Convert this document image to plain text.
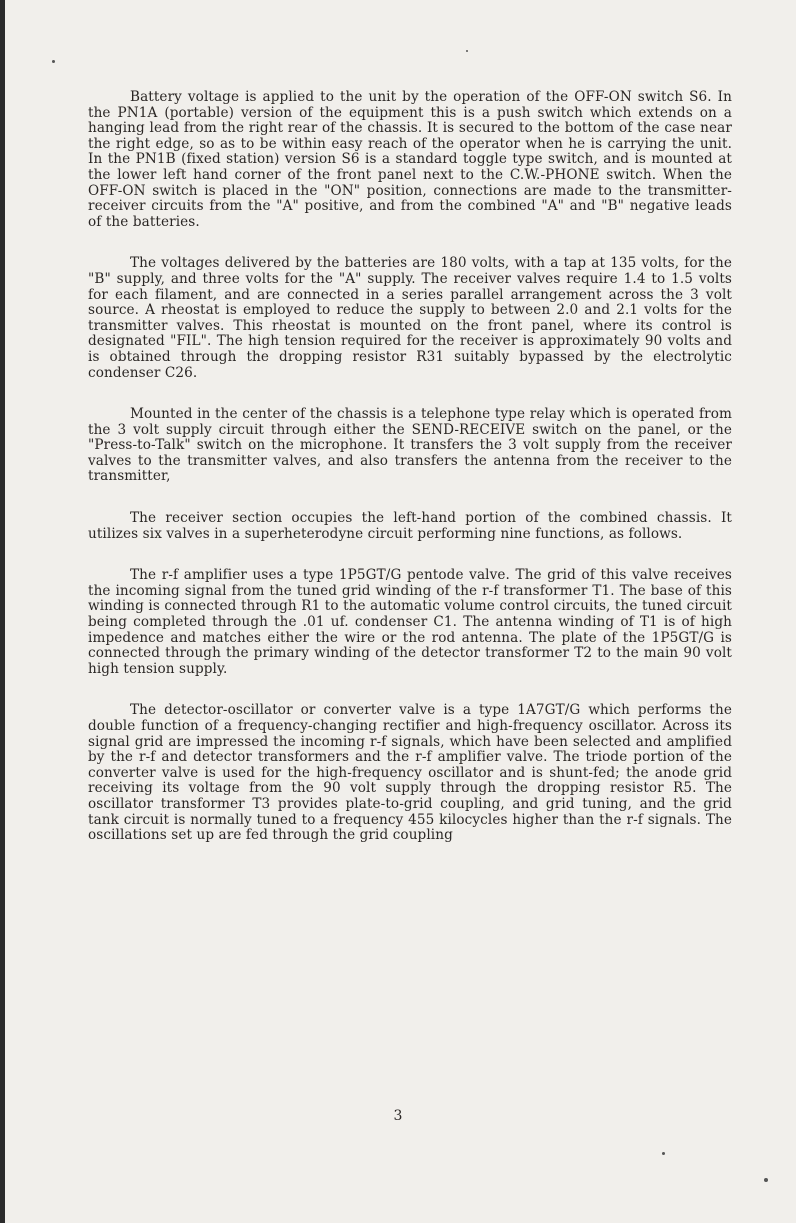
Battery voltage is applied to the unit by the operation of the OFF-ON switch S6. In the PN1A (portable) version of the equipment this is a push switch which extends on a hanging lead from the right rear of the chassis. It is secured to the bottom of the case near the right edge, so as to be within easy reach of the operator when he is carrying the unit. In the PN1B (fixed station) version S6 is a standard toggle type switch, and is mounted at the lower left hand corner of the front panel next to the C.W.-PHONE switch. When the OFF-ON switch is placed in the "ON" position, connections are made to the transmitter-receiver circuits from the "A" positive, and from the combined "A" and "B" negative leads of the batteries.

The voltages delivered by the batteries are 180 volts, with a tap at 135 volts, for the "B" supply, and three volts for the "A" supply. The receiver valves require 1.4 to 1.5 volts for each filament, and are connected in a series parallel arrangement across the 3 volt source. A rheostat is employed to reduce the supply to between 2.0 and 2.1 volts for the transmitter valves. This rheostat is mounted on the front panel, where its control is designated "FIL". The high tension required for the receiver is approximately 90 volts and is obtained through the dropping resistor R31 suitably bypassed by the electrolytic condenser C26.

Mounted in the center of the chassis is a telephone type relay which is operated from the 3 volt supply circuit through either the SEND-RECEIVE switch on the panel, or the "Press-to-Talk" switch on the microphone. It transfers the 3 volt supply from the receiver valves to the transmitter valves, and also transfers the antenna from the receiver to the transmitter,

The receiver section occupies the left-hand portion of the combined chassis. It utilizes six valves in a superheterodyne circuit performing nine functions, as follows.

The r-f amplifier uses a type 1P5GT/G pentode valve. The grid of this valve receives the incoming signal from the tuned grid winding of the r-f transformer T1. The base of this winding is connected through R1 to the automatic volume control circuits, the tuned circuit being completed through the .01 uf. condenser C1. The antenna winding of T1 is of high impedence and matches either the wire or the rod antenna. The plate of the 1P5GT/G is connected through the primary winding of the detector transformer T2 to the main 90 volt high tension supply.

The detector-oscillator or converter valve is a type 1A7GT/G which performs the double function of a frequency-changing rectifier and high-frequency oscillator. Across its signal grid are impressed the incoming r-f signals, which have been selected and amplified by the r-f and detector transformers and the r-f amplifier valve. The triode portion of the converter valve is used for the high-frequency oscillator and is shunt-fed; the anode grid receiving its voltage from the 90 volt supply through the dropping resistor R5. The oscillator transformer T3 provides plate-to-grid coupling, and grid tuning, and the grid tank circuit is normally tuned to a frequency 455 kilocycles higher than the r-f signals. The oscillations set up are fed through the grid coupling

3
